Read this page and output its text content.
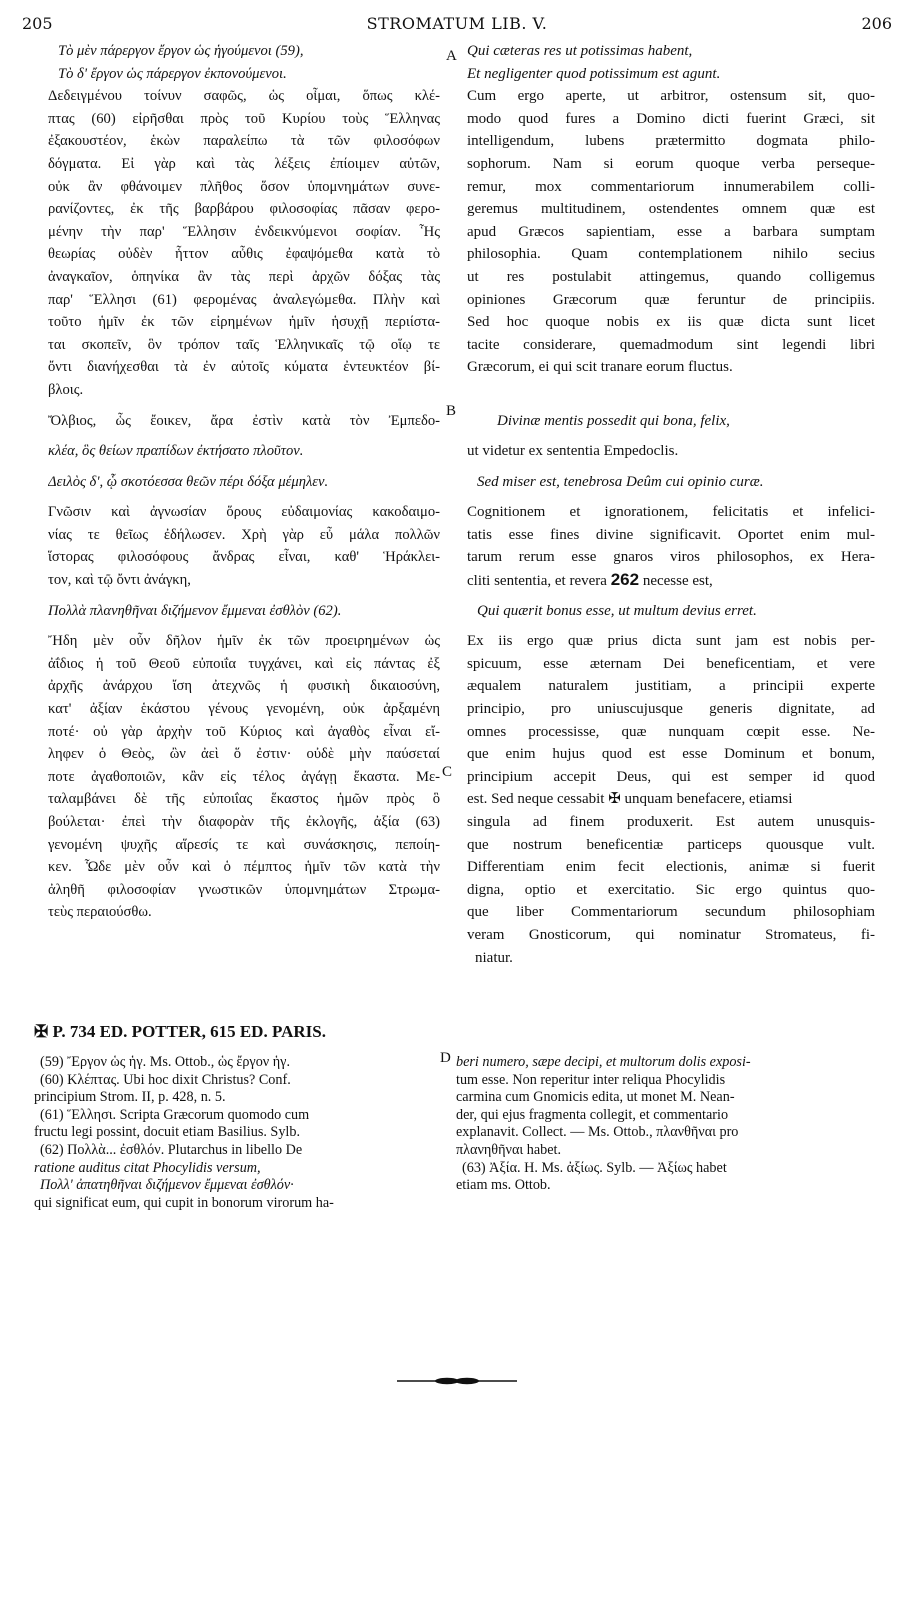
205	STROMATUM LIB. V.	206
A
B
C
D
Τὸ μὲν πάρεργον ἔργον ὡς ἡγούμενοι (59),
Τὸ δ' ἔργον ὡς πάρεργον ἐκπονούμενοι.
Δεδειγμένου τοίνυν σαφῶς, ὡς οἶμαι, ὅπως κλέ-
πτας (60) εἰρῆσθαι πρὸς τοῦ Κυρίου τοὺς Ἕλληνας
ἐξακουστέον, ἑκὼν παραλείπω τὰ τῶν φιλοσόφων
δόγματα. Εἰ γὰρ καὶ τὰς λέξεις ἐπίοιμεν αὐτῶν,
οὐκ ἂν φθάνοιμεν πλῆθος ὅσον ὑπομνημάτων συνε-
ρανίζοντες, ἐκ τῆς βαρβάρου φιλοσοφίας πᾶσαν φερο-
μένην τὴν παρ' Ἕλλησιν ἐνδεικνύμενοι σοφίαν. Ἧς
θεωρίας οὐδὲν ἧττον αὖθις ἐφαψόμεθα κατὰ τὸ
ἀναγκαῖον, ὁπηνίκα ἂν τὰς περὶ ἀρχῶν δόξας τὰς
παρ' Ἕλλησι (61) φερομένας ἀναλεγώμεθα. Πλὴν καὶ
τοῦτο ἡμῖν ἐκ τῶν εἰρημένων ἡμῖν ἡσυχῇ περιίστα-
ται σκοπεῖν, ὃν τρόπον ταῖς Ἑλληνικαῖς τῷ οἵῳ τε
ὄντι διανήχεσθαι τὰ ἐν αὐτοῖς κύματα ἐντευκτέον βί-
βλοις.
Ὄλβιος, ὧς ἔοικεν, ἄρα ἐστὶν κατὰ τὸν Ἐμπεδο-
κλέα, ὃς θείων πραπίδων ἐκτήσατο πλοῦτον.
Δειλὸς δ', ᾧ σκοτόεσσα θεῶν πέρι δόξα μέμηλεν.
Γνῶσιν καὶ ἀγνωσίαν ὅρους εὐδαιμονίας κακοδαιμο-
νίας τε θεῖως ἐδήλωσεν. Χρὴ γὰρ εὖ μάλα πολλῶν
ἵστορας φιλοσόφους ἄνδρας εἶναι, καθ' Ἡράκλει-
τον, καὶ τῷ ὄντι ἀνάγκη,
Πολλὰ πλανηθῆναι διζήμενον ἔμμεναι ἐσθλὸν (62).
Ἤδη μὲν οὖν δῆλον ἡμῖν ἐκ τῶν προειρημένων ὡς
ἀΐδιος ἡ τοῦ Θεοῦ εὐποιΐα τυγχάνει, καὶ εἰς πάντας ἐξ
ἀρχῆς ἀνάρχου ἴση ἀτεχνῶς ἡ φυσικὴ δικαιοσύνη,
κατ' ἀξίαν ἑκάστου γένους γενομένη, οὐκ ἀρξαμένη
ποτέ· οὐ γὰρ ἀρχὴν τοῦ Κύριος καὶ ἀγαθὸς εἶναι εἴ-
ληφεν ὁ Θεὸς, ὢν ἀεὶ ὅ ἐστιν· οὐδὲ μὴν παύσεταί
ποτε ἀγαθοποιῶν, κἂν εἰς τέλος ἀγάγῃ ἕκαστα. Με-
ταλαμβάνει δὲ τῆς εὐποιΐας ἕκαστος ἡμῶν πρὸς ὃ
βούλεται· ἐπεὶ τὴν διαφορὰν τῆς ἐκλογῆς, ἀξία (63)
γενομένη ψυχῆς αἵρεσίς τε καὶ συνάσκησις, πεποίη-
κεν. Ὧδε μὲν οὖν καὶ ὁ πέμπτος ἡμῖν τῶν κατὰ τὴν
ἀληθῆ φιλοσοφίαν γνωστικῶν ὑπομνημάτων Στρωμα-
τεὺς περαιούσθω.
Qui cæteras res ut potissimas habent,
Et negligenter quod potissimum est agunt.
Cum ergo aperte, ut arbitror, ostensum sit, quo-
modo quod fures a Domino dicti fuerint Græci, sit
intelligendum, lubens prætermitto dogmata philo-
sophorum. Nam si eorum quoque verba persequе-
remur, mox commentariorum innumerabilem colli-
geremus multitudinem, ostendentes omnem quæ est
apud Græcos sapientiam, esse a barbara sumptam
philosophia. Quam contemplationem nihilo secius
ut res postulabit attingemus, quando colligemus
opiniones Græcorum quæ feruntur de principiis.
Sed hoc quoque nobis ex iis quæ dicta sunt licet
tacite considerare, quemadmodum sint legendi libri
Græcorum, ei qui scit tranare eorum fluctus.
Divinæ mentis possedit qui bona, felix,
ut videtur ex sententia Empedoclis.
Sed miser est, tenebrosa Deûm cui opinio curæ.
Cognitionem et ignorationem, felicitatis et infelici-
tatis esse fines divine significavit. Oportet enim mul-
tarum rerum esse gnaros viros philosophos, ex Hera-
cliti sententia, et revera 262 necesse est,
Qui quærit bonus esse, ut multum devius erret.
Ex iis ergo quæ prius dicta sunt jam est nobis per-
spicuum, esse æternam Dei beneficentiam, et vere
æqualem naturalem justitiam, a principii experte
principio, pro uniuscujusque generis dignitate, ad
omnes processisse, quæ nunquam cœpit esse. Ne-
que enim hujus quod est esse Dominum et bonum,
principium accepit Deus, qui est semper id quod
est. Sed neque cessabit ✠ unquam benefacere, etiamsi
singula ad finem produxerit. Est autem unusquis-
que nostrum beneficentiæ particeps quousque vult.
Differentiam enim fecit electionis, animæ si fuerit
digna, optio et exercitatio. Sic ergo quintus quo-
que liber Commentariorum secundum philosophiam
veram Gnosticorum, qui nominatur Stromateus, fi-
niatur.
✠ P. 734 ED. POTTER, 615 ED. PARIS.
(59) Ἔργον ὡς ἡγ. Ms. Ottob., ὡς ἔργον ἡγ.
(60) Κλέπτας. Ubi hoc dixit Christus? Conf.
principium Strom. II, p. 428, n. 5.
(61) Ἕλλησι. Scripta Græcorum quomodo cum
fructu legi possint, docuit etiam Basilius. Sylb.
(62) Πολλὰ... ἐσθλόν. Plutarchus in libello De
ratione auditus citat Phocylidis versum,
Πολλ' ἀπατηθῆναι διζήμενον ἔμμεναι ἐσθλόν·
qui significat eum, qui cupit in bonorum virorum ha-
beri numero, sæpe decipi, et multorum dolis exposi-
tum esse. Non reperitur inter reliqua Phocylidis
carmina cum Gnomicis edita, ut monet M. Nean-
der, qui ejus fragmenta collegit, et commentario
explanavit. Collect. — Ms. Ottob., πλανθῆναι pro
πλανηθῆναι habet.
(63) Ἀξία. H. Ms. ἀξίως. Sylb. — Ἀξίως habet
etiam ms. Ottob.
